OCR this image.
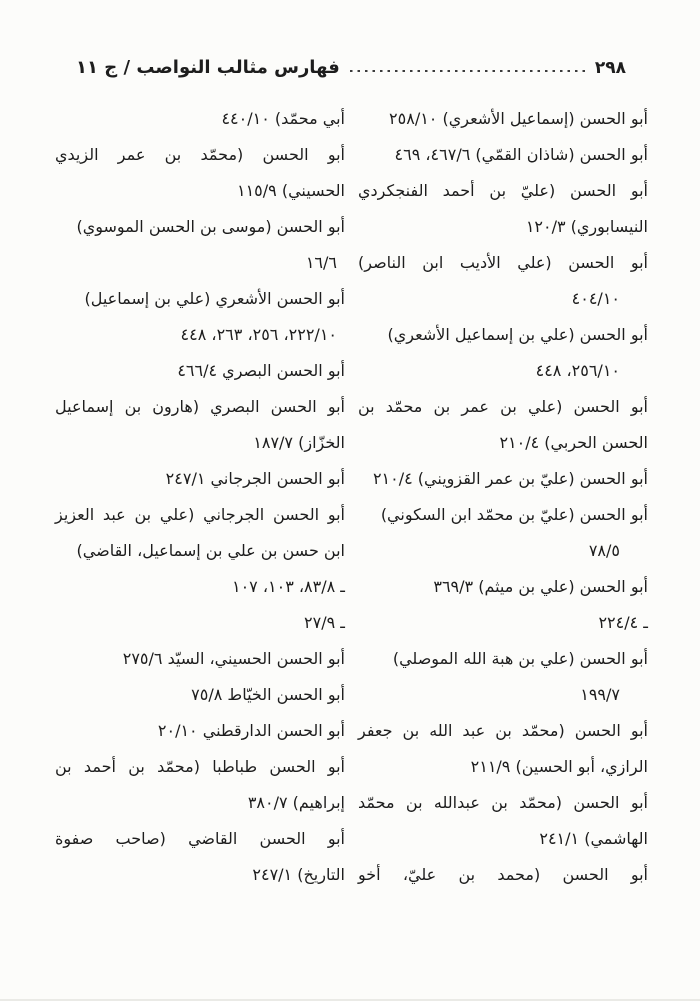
٢٩٨
فهارس مثالب النواصب / ج ١١
أبو الحسن (إسماعيل الأشعري) ٢٥٨/١٠
أبو الحسن (شاذان القمّي) ٤٦٧/٦، ٤٦٩
أبو الحسن (عليّ بن أحمد الفنجكردي
النيسابوري) ١٢٠/٣
أبو الحسن (علي الأديب ابن الناصر)
٤٠٤/١٠
أبو الحسن (علي بن إسماعيل الأشعري)
٢٥٦/١٠، ٤٤٨
أبو الحسن (علي بن عمر بن محمّد بن
الحسن الحربي) ٢١٠/٤
أبو الحسن (عليّ بن عمر القزويني) ٢١٠/٤
أبو الحسن (عليّ بن محمّد ابن السكوني)
٧٨/٥
أبو الحسن (علي بن ميثم) ٣٦٩/٣
ـ ٢٢٤/٤
أبو الحسن (علي بن هبة الله الموصلي)
١٩٩/٧
أبو الحسن (محمّد بن عبد الله بن جعفر
الرازي، أبو الحسين) ٢١١/٩
أبو الحسن (محمّد بن عبدالله بن محمّد
الهاشمي) ٢٤١/١
أبو الحسن (محمد بن عليّ، أخو
أبي محمّد) ٤٤٠/١٠
أبو الحسن (محمّد بن عمر الزيدي
الحسيني) ١١٥/٩
أبو الحسن (موسى بن الحسن الموسوي)
١٦/٦
أبو الحسن الأشعري (علي بن إسماعيل)
٢٢٢/١٠، ٢٥٦، ٢٦٣، ٤٤٨
أبو الحسن البصري ٤٦٦/٤
أبو الحسن البصري (هارون بن إسماعيل
الخزّاز) ١٨٧/٧
أبو الحسن الجرجاني ٢٤٧/١
أبو الحسن الجرجاني (علي بن عبد العزيز
ابن حسن بن علي بن إسماعيل، القاضي)
ـ ٨٣/٨، ١٠٣، ١٠٧
ـ ٢٧/٩
أبو الحسن الحسيني، السيّد ٢٧٥/٦
أبو الحسن الخيّاط ٧٥/٨
أبو الحسن الدارقطني ٢٠/١٠
أبو الحسن طباطبا (محمّد بن أحمد بن
إبراهيم) ٣٨٠/٧
أبو الحسن القاضي (صاحب صفوة
التاريخ) ٢٤٧/١
